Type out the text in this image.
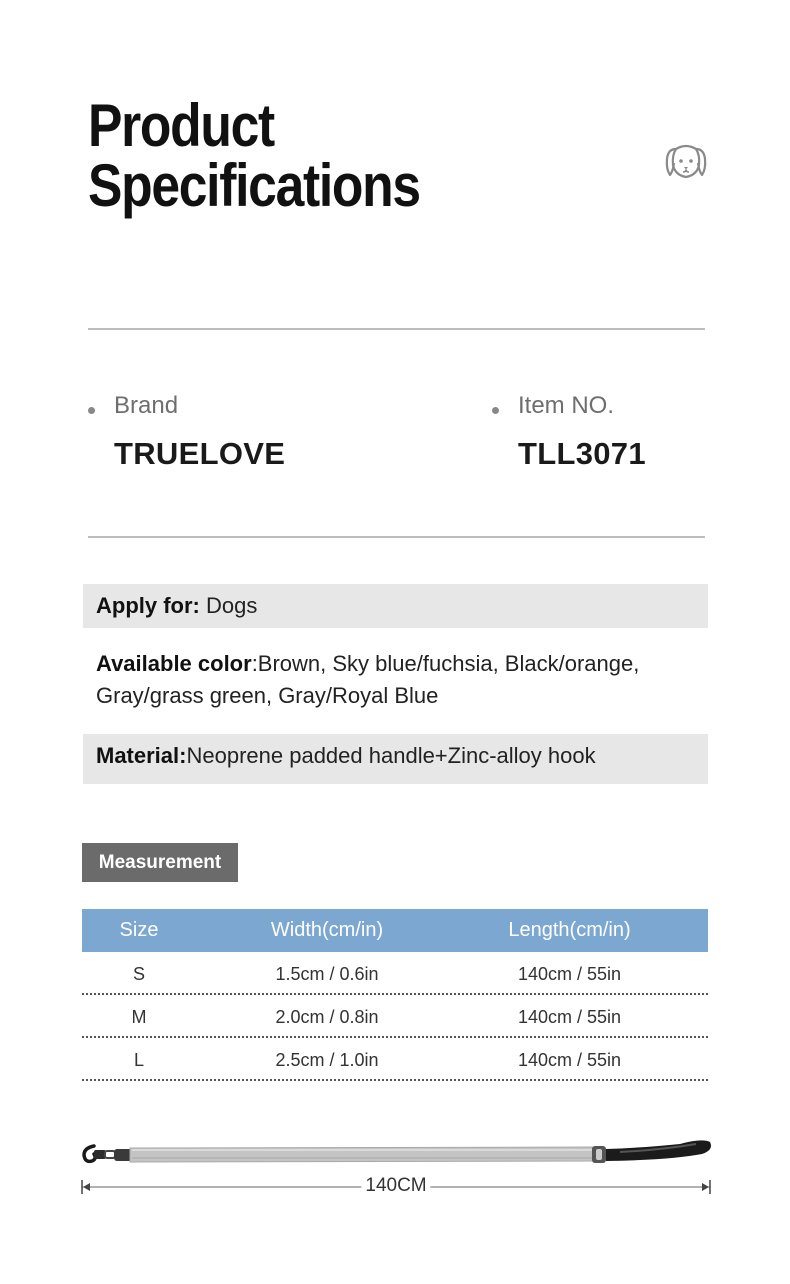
Product
Specifications
Brand
TRUELOVE
Item NO.
TLL3071
Apply for: Dogs
Available color:Brown, Sky blue/fuchsia, Black/orange,
Gray/grass green, Gray/Royal Blue
Material:Neoprene padded handle+Zinc-alloy hook
Measurement
Size	Width(cm/in)	Length(cm/in)
S	1.5cm / 0.6in	140cm / 55in
M	2.0cm / 0.8in	140cm / 55in
L	2.5cm / 1.0in	140cm / 55in
140CM
